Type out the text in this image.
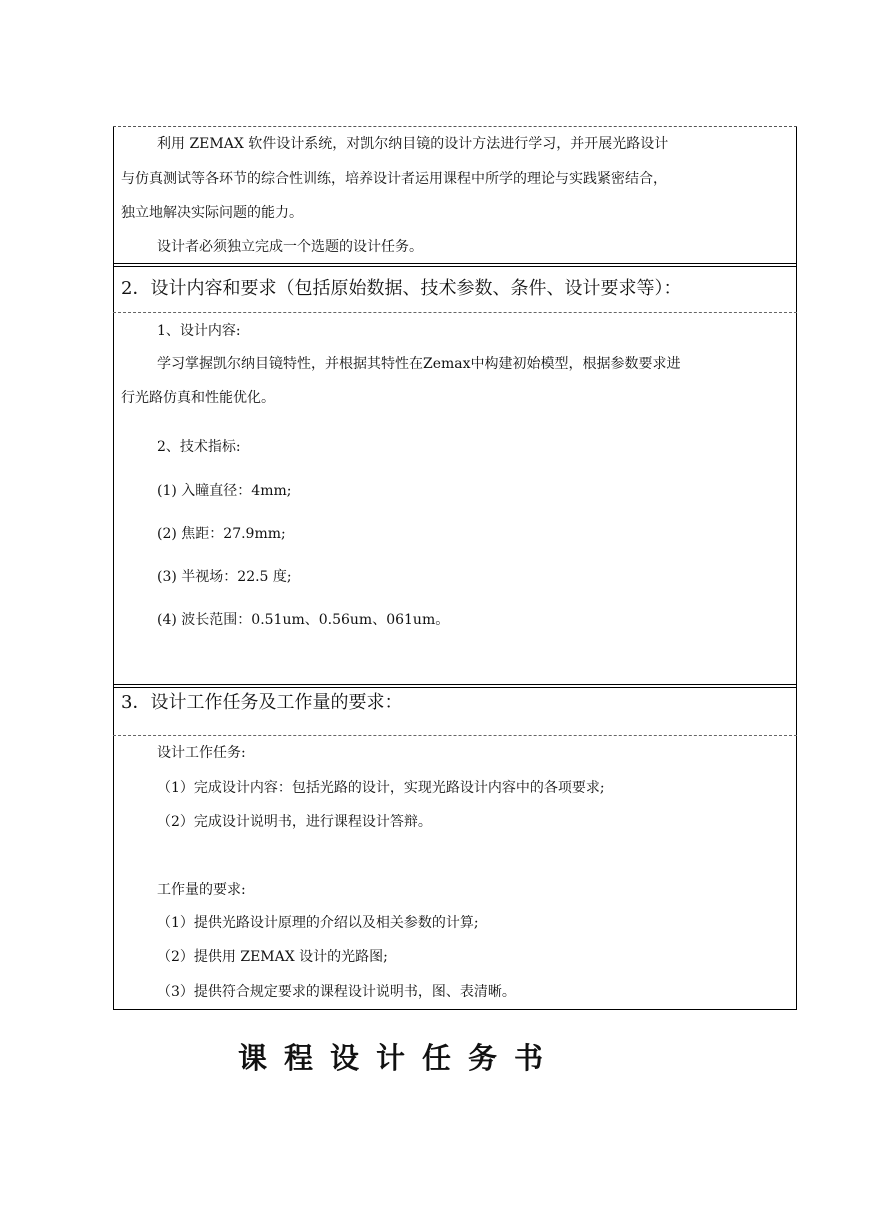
利用 ZEMAX 软件设计系统，对凯尔纳目镜的设计方法进行学习，并开展光路设计
与仿真测试等各环节的综合性训练，培养设计者运用课程中所学的理论与实践紧密结合，
独立地解决实际问题的能力。
设计者必须独立完成一个选题的设计任务。
2．设计内容和要求（包括原始数据、技术参数、条件、设计要求等）：
1、设计内容:
学习掌握凯尔纳目镜特性，并根据其特性在Zemax中构建初始模型，根据参数要求进
行光路仿真和性能优化。
2、技术指标:
(1) 入瞳直径：4mm;
(2) 焦距：27.9mm;
(3) 半视场：22.5 度;
(4) 波长范围：0.51um、0.56um、061um。
3．设计工作任务及工作量的要求：
设计工作任务:
（1）完成设计内容：包括光路的设计，实现光路设计内容中的各项要求;
（2）完成设计说明书，进行课程设计答辩。
工作量的要求:
（1）提供光路设计原理的介绍以及相关参数的计算;
（2）提供用 ZEMAX 设计的光路图;
（3）提供符合规定要求的课程设计说明书，图、表清晰。
课程设计任务书
